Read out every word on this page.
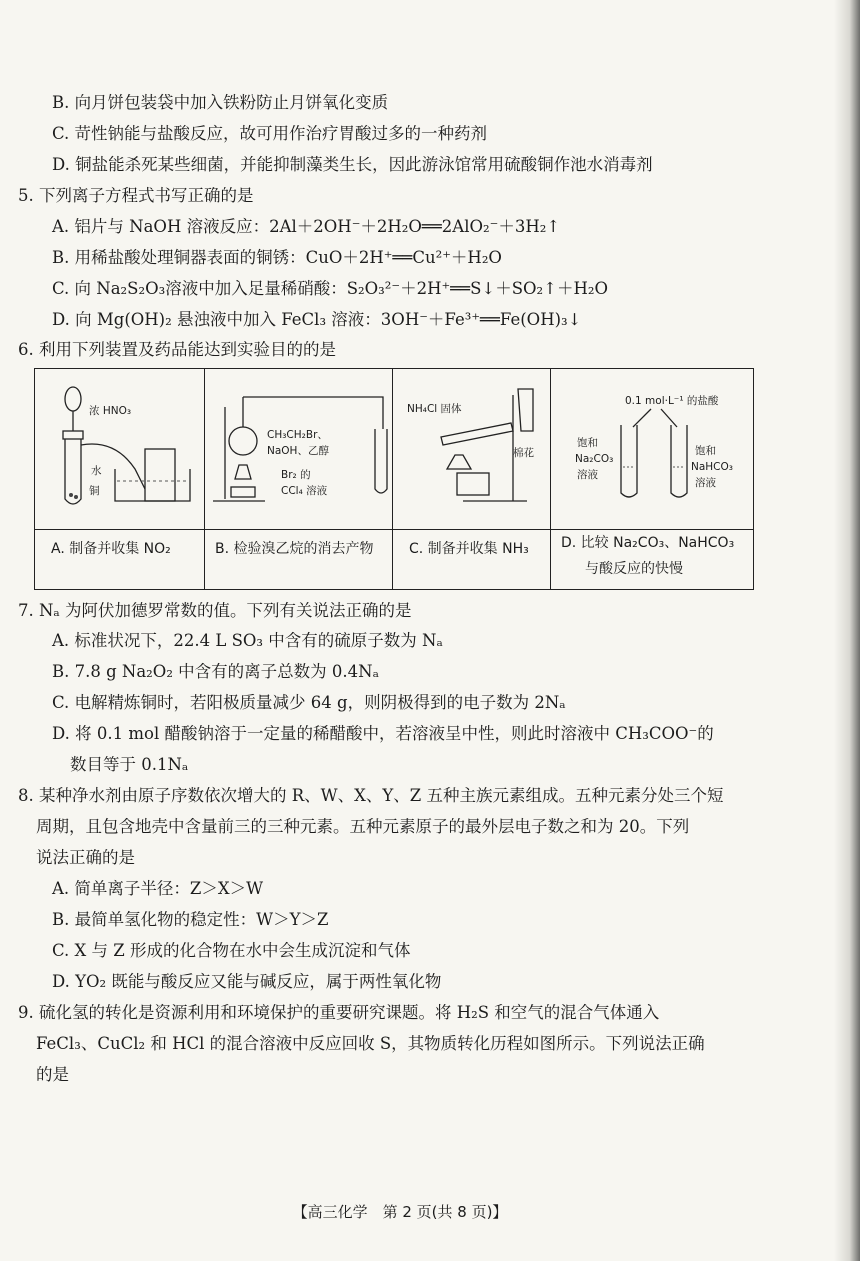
B. 向月饼包装袋中加入铁粉防止月饼氧化变质
C. 苛性钠能与盐酸反应，故可用作治疗胃酸过多的一种药剂
D. 铜盐能杀死某些细菌，并能抑制藻类生长，因此游泳馆常用硫酸铜作池水消毒剂
5. 下列离子方程式书写正确的是
A. 铝片与 NaOH 溶液反应：2Al＋2OH⁻＋2H₂O══2AlO₂⁻＋3H₂↑
B. 用稀盐酸处理铜器表面的铜锈：CuO＋2H⁺══Cu²⁺＋H₂O
C. 向 Na₂S₂O₃溶液中加入足量稀硝酸：S₂O₃²⁻＋2H⁺══S↓＋SO₂↑＋H₂O
D. 向 Mg(OH)₂ 悬浊液中加入 FeCl₃ 溶液：3OH⁻＋Fe³⁺══Fe(OH)₃↓
6. 利用下列装置及药品能达到实验目的的是
浓 HNO₃
水
铜
CH₃CH₂Br、
NaOH、乙醇
Br₂ 的
CCl₄ 溶液
NH₄Cl 固体
棉花
0.1 mol·L⁻¹ 的盐酸
饱和
Na₂CO₃
溶液
饱和
NaHCO₃
溶液
A. 制备并收集 NO₂	B. 检验溴乙烷的消去产物	C. 制备并收集 NH₃ D. 比较 Na₂CO₃、NaHCO₃
与酸反应的快慢
7. Nₐ 为阿伏加德罗常数的值。下列有关说法正确的是
A. 标准状况下，22.4 L SO₃ 中含有的硫原子数为 Nₐ
B. 7.8 g Na₂O₂ 中含有的离子总数为 0.4Nₐ
C. 电解精炼铜时，若阳极质量减少 64 g，则阴极得到的电子数为 2Nₐ
D. 将 0.1 mol 醋酸钠溶于一定量的稀醋酸中，若溶液呈中性，则此时溶液中 CH₃COO⁻的
数目等于 0.1Nₐ
8. 某种净水剂由原子序数依次增大的 R、W、X、Y、Z 五种主族元素组成。五种元素分处三个短
周期，且包含地壳中含量前三的三种元素。五种元素原子的最外层电子数之和为 20。下列
说法正确的是
A. 简单离子半径：Z＞X＞W
B. 最简单氢化物的稳定性：W＞Y＞Z
C. X 与 Z 形成的化合物在水中会生成沉淀和气体
D. YO₂ 既能与酸反应又能与碱反应，属于两性氧化物
9. 硫化氢的转化是资源利用和环境保护的重要研究课题。将 H₂S 和空气的混合气体通入
FeCl₃、CuCl₂ 和 HCl 的混合溶液中反应回收 S，其物质转化历程如图所示。下列说法正确
的是
【高三化学　第 2 页(共 8 页)】
